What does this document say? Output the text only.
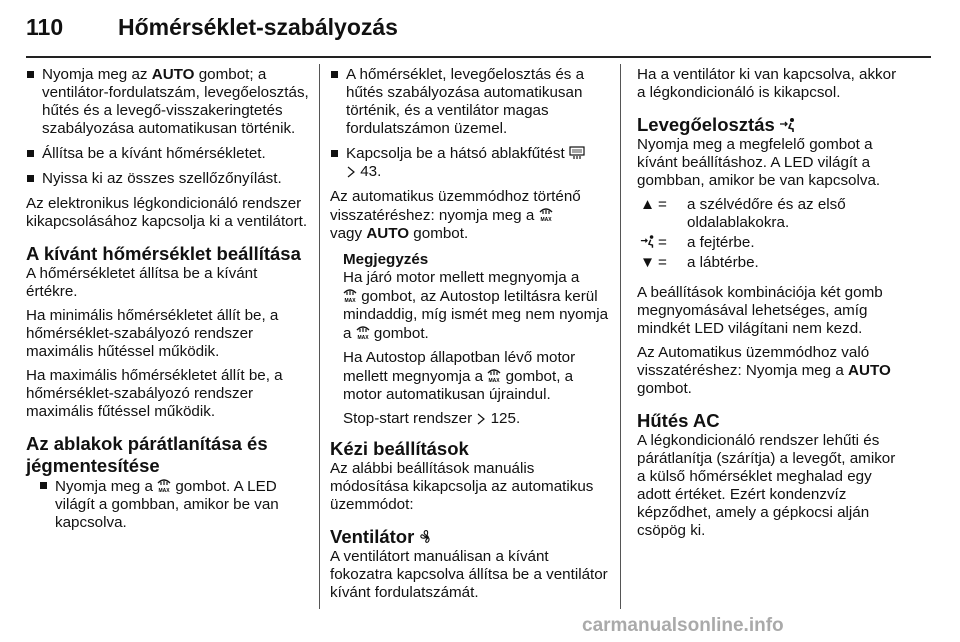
110 Hőmérséklet-szabályozás
Nyomja meg az AUTO gombot; a ventilátor-fordulatszám, levegőelosztás, hűtés és a levegő-visszakeringtetés szabályozása automatikusan történik.
Állítsa be a kívánt hőmérsékletet.
Nyissa ki az összes szellőzőnyílást.

Az elektronikus légkondicionáló rendszer kikapcsolásához kapcsolja ki a ventilátort.

A kívánt hőmérséklet beállítása

A hőmérsékletet állítsa be a kívánt értékre.

Ha minimális hőmérsékletet állít be, a hőmérséklet-szabályozó rendszer maximális hűtéssel működik.

Ha maximális hőmérsékletet állít be, a hőmérséklet-szabályozó rendszer maximális fűtéssel működik.

Az ablakok párátlanítása és jégmentesítése
Nyomja meg a MAX gombot. A LED világít a gombban, amikor be van kapcsolva.
A hőmérséklet, levegőelosztás és a hűtés szabályozása automatikusan történik, és a ventilátor magas fordulatszámon üzemel.
Kapcsolja be a hátsó ablakfűtést

43.

Az automatikus üzemmódhoz történő visszatéréshez: nyomja meg a MAX

vagy AUTO gombot.

Megjegyzés

Ha járó motor mellett megnyomja a

MAX gombot, az Autostop letiltásra kerül mindaddig, míg ismét meg nem nyomja a MAX gombot.

Ha Autostop állapotban lévő motor mellett megnyomja a MAX gombot, a motor automatikusan újraindul.

Stop-start rendszer
125.

Kézi beállítások

Az alábbi beállítások manuális módosítása kikapcsolja az automatikus üzemmódot:

Ventilátor

A ventilátort manuálisan a kívánt fokozatra kapcsolva állítsa be a ventilátor kívánt fordulatszámát.

Ha a ventilátor ki van kapcsolva, akkor a légkondicionáló is kikapcsol.

Levegőelosztás

Nyomja meg a megfelelő gombot a kívánt beállításhoz. A LED világít a gombban, amikor be van kapcsolva.

▲ = a szélvédőre és az első oldalablakokra.
= a fejtérbe.
▼ = a lábtérbe.

A beállítások kombinációja két gomb megnyomásával lehetséges, amíg mindkét LED világítani nem kezd.

Az Automatikus üzemmódhoz való visszatéréshez: Nyomja meg a AUTO gombot.

Hűtés AC

A légkondicionáló rendszer lehűti és párátlanítja (szárítja) a levegőt, amikor a külső hőmérséklet meghalad egy adott értéket. Ezért kondenzvíz képződhet, amely a gépkocsi alján csöpög ki.

carmanualsonline.info
